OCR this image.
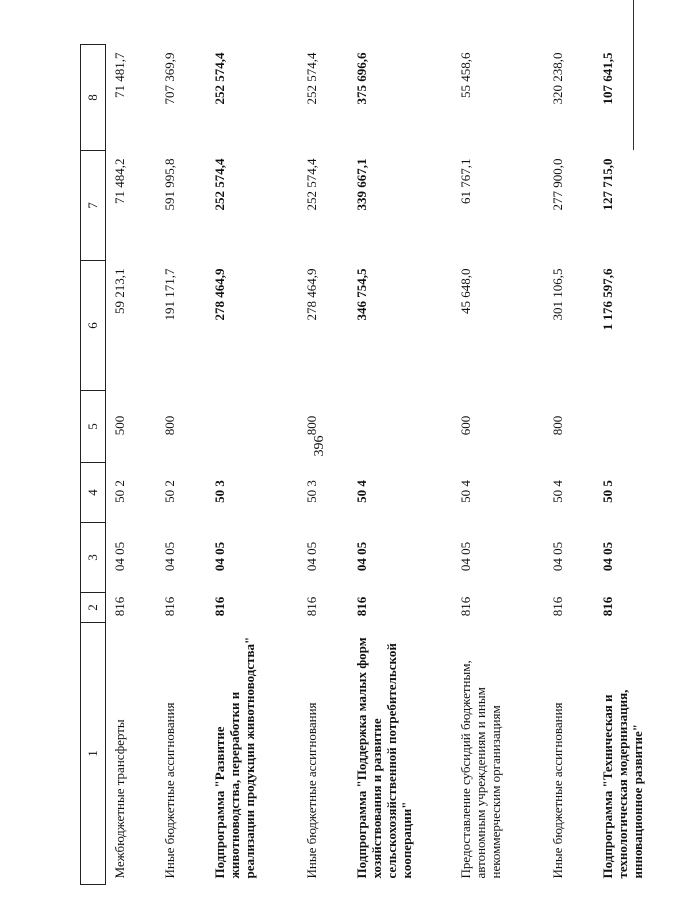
396
1	2	3	4	5	6	7	8
Межбюджетные трансферты	816	04 05	50 2	500	59 213,1	71 484,2	71 481,7
Иные бюджетные ассигнования	816	04 05	50 2	800	191 171,7	591 995,8	707 369,9
Подпрограмма "Развитие животноводства, переработки и реализации продукции животноводства"	816	04 05	50 3		278 464,9	252 574,4	252 574,4
Иные бюджетные ассигнования	816	04 05	50 3	800	278 464,9	252 574,4	252 574,4
Подпрограмма "Поддержка малых форм хозяйствования и развитие сельскохозяйственной потребительской кооперации"	816	04 05	50 4		346 754,5	339 667,1	375 696,6
Предоставление субсидий бюджетным, автономным учреждениям и иным некоммерческим организациям	816	04 05	50 4	600	45 648,0	61 767,1	55 458,6
Иные бюджетные ассигнования	816	04 05	50 4	800	301 106,5	277 900,0	320 238,0
Подпрограмма "Техническая и технологическая модернизация, инновационное развитие"	816	04 05	50 5		1 176 597,6	127 715,0	107 641,5
